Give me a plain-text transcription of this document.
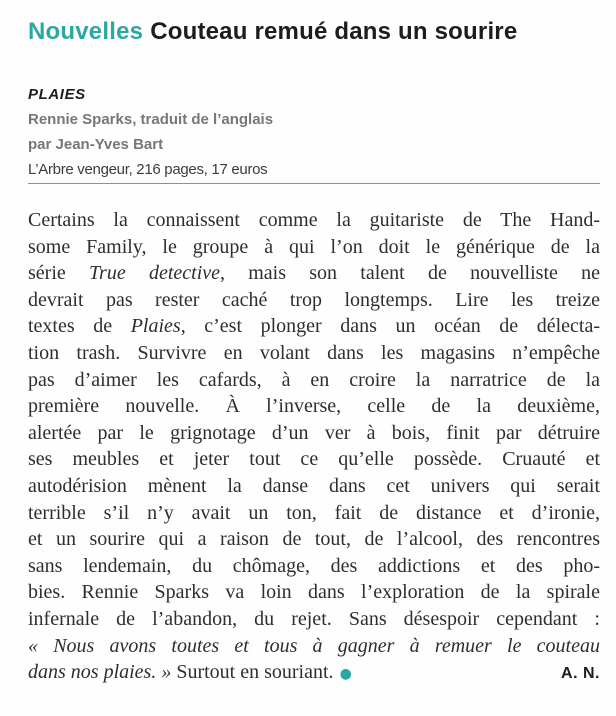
Nouvelles Couteau remué dans un sourire
PLAIES
Rennie Sparks, traduit de l’anglais
par Jean-Yves Bart
L’Arbre vengeur, 216 pages, 17 euros
Certains la connaissent comme la guitariste de The Hand-
some Family, le groupe à qui l’on doit le générique de la
série True detective, mais son talent de nouvelliste ne
devrait pas rester caché trop longtemps. Lire les treize
textes de Plaies, c’est plonger dans un océan de délecta-
tion trash. Survivre en volant dans les magasins n’empêche
pas d’aimer les cafards, à en croire la narratrice de la
première nouvelle. À l’inverse, celle de la deuxième,
alertée par le grignotage d’un ver à bois, finit par détruire
ses meubles et jeter tout ce qu’elle possède. Cruauté et
autodérision mènent la danse dans cet univers qui serait
terrible s’il n’y avait un ton, fait de distance et d’ironie,
et un sourire qui a raison de tout, de l’alcool, des rencontres
sans lendemain, du chômage, des addictions et des pho-
bies. Rennie Sparks va loin dans l’exploration de la spirale
infernale de l’abandon, du rejet. Sans désespoir cependant :
« Nous avons toutes et tous à gagner à remuer le couteau
dans nos plaies. » Surtout en souriant. ●	A. N.
